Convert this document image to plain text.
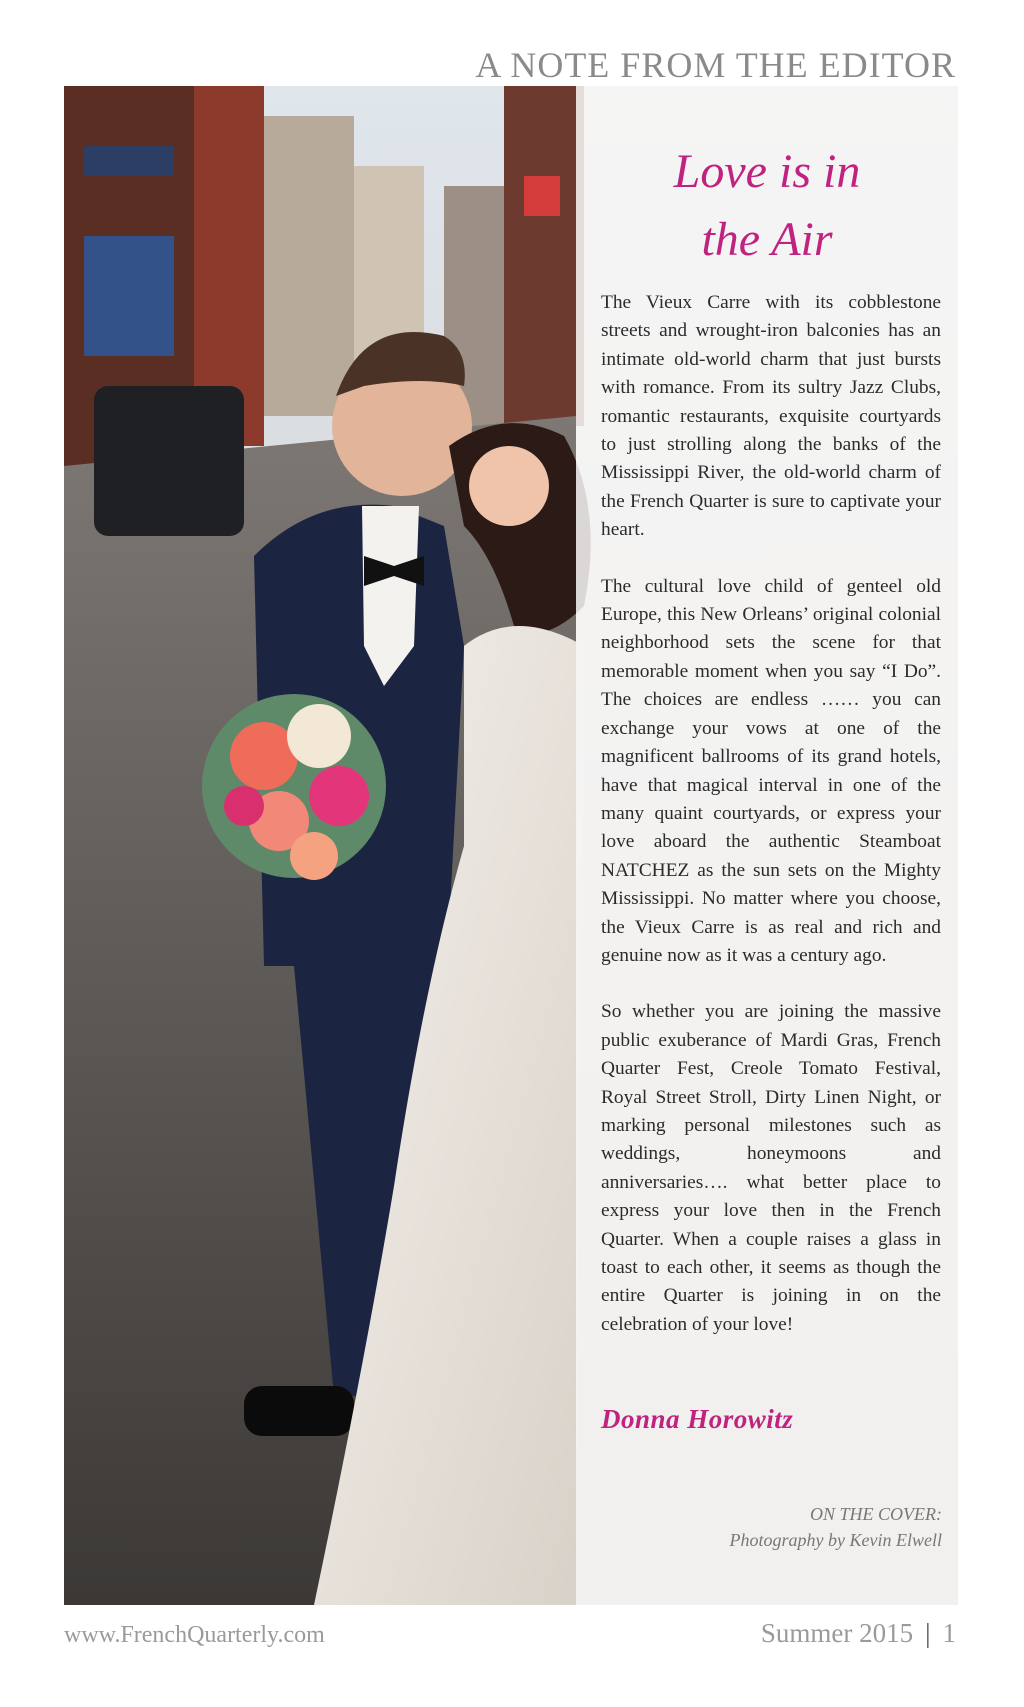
A NOTE FROM THE EDITOR
Love is in
the Air

The Vieux Carre with its cobblestone streets and wrought-iron balconies has an intimate old-world charm that just bursts with romance. From its sultry Jazz Clubs, romantic restaurants, exquisite courtyards to just strolling along the banks of the Mississippi River, the old-world charm of the French Quarter is sure to captivate your heart.

The cultural love child of genteel old Europe, this New Orleans’ original colonial neighborhood sets the scene for that memorable moment when you say “I Do”. The choices are endless …… you can exchange your vows at one of the magnificent ballrooms of its grand hotels, have that magical interval in one of the many quaint courtyards, or express your love aboard the authentic Steamboat NATCHEZ as the sun sets on the Mighty Mississippi. No matter where you choose, the Vieux Carre is as real and rich and genuine now as it was a century ago.

So whether you are joining the massive public exuberance of Mardi Gras, French Quarter Fest, Creole Tomato Festival, Royal Street Stroll, Dirty Linen Night, or marking personal milestones such as weddings, honeymoons and anniversaries…. what better place to express your love then in the French Quarter. When a couple raises a glass in toast to each other, it seems as though the entire Quarter is joining in on the celebration of your love!

Donna Horowitz
ON THE COVER:
Photography by Kevin Elwell
www.FrenchQuarterly.com	Summer 2015 | 1
